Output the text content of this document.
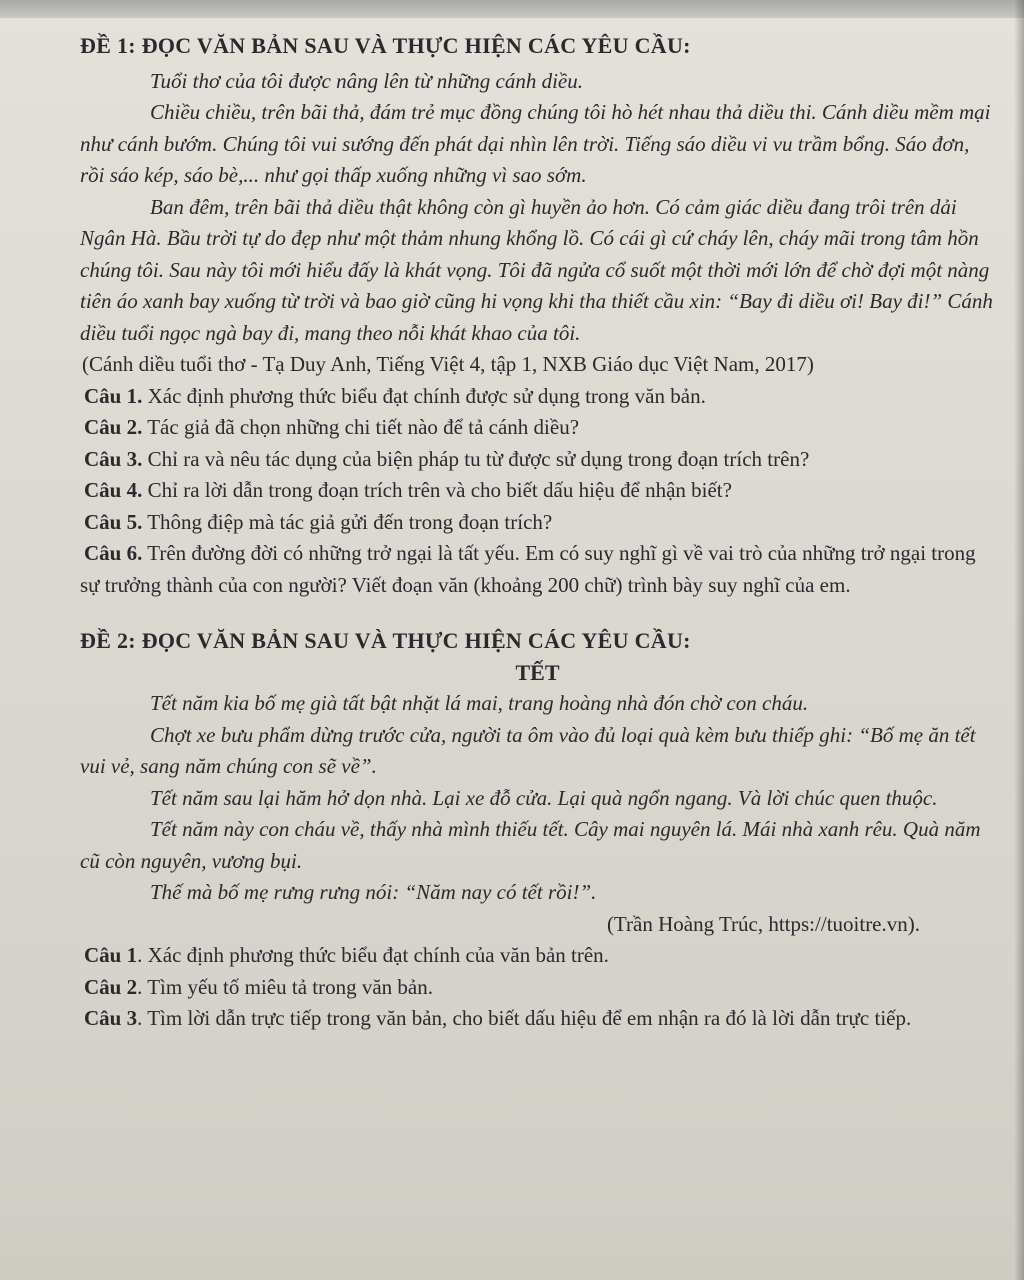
ĐỀ 1: ĐỌC VĂN BẢN SAU VÀ THỰC HIỆN CÁC YÊU CẦU:

Tuổi thơ của tôi được nâng lên từ những cánh diều.

Chiều chiều, trên bãi thả, đám trẻ mục đồng chúng tôi hò hét nhau thả diều thi. Cánh diều mềm mại như cánh bướm. Chúng tôi vui sướng đến phát dại nhìn lên trời. Tiếng sáo diều vi vu trầm bổng. Sáo đơn, rồi sáo kép, sáo bè,... như gọi thấp xuống những vì sao sớm.

Ban đêm, trên bãi thả diều thật không còn gì huyền ảo hơn. Có cảm giác diều đang trôi trên dải Ngân Hà. Bầu trời tự do đẹp như một thảm nhung khổng lồ. Có cái gì cứ cháy lên, cháy mãi trong tâm hồn chúng tôi. Sau này tôi mới hiểu đấy là khát vọng. Tôi đã ngửa cổ suốt một thời mới lớn để chờ đợi một nàng tiên áo xanh bay xuống từ trời và bao giờ cũng hi vọng khi tha thiết cầu xin: “Bay đi diều ơi! Bay đi!” Cánh diều tuổi ngọc ngà bay đi, mang theo nỗi khát khao của tôi.

(Cánh diều tuổi thơ - Tạ Duy Anh, Tiếng Việt 4, tập 1, NXB Giáo dục Việt Nam, 2017)

Câu 1. Xác định phương thức biểu đạt chính được sử dụng trong văn bản.

Câu 2. Tác giả đã chọn những chi tiết nào để tả cánh diều?

Câu 3. Chỉ ra và nêu tác dụng của biện pháp tu từ được sử dụng trong đoạn trích trên?

Câu 4. Chỉ ra lời dẫn trong đoạn trích trên và cho biết dấu hiệu để nhận biết?

Câu 5. Thông điệp mà tác giả gửi đến trong đoạn trích?

Câu 6. Trên đường đời có những trở ngại là tất yếu. Em có suy nghĩ gì về vai trò của những trở ngại trong sự trưởng thành của con người? Viết đoạn văn (khoảng 200 chữ) trình bày suy nghĩ của em.

ĐỀ 2: ĐỌC VĂN BẢN SAU VÀ THỰC HIỆN CÁC YÊU CẦU:

TẾT

Tết năm kia bố mẹ già tất bật nhặt lá mai, trang hoàng nhà đón chờ con cháu.

Chợt xe bưu phẩm dừng trước cửa, người ta ôm vào đủ loại quà kèm bưu thiếp ghi: “Bố mẹ ăn tết vui vẻ, sang năm chúng con sẽ về”.

Tết năm sau lại hăm hở dọn nhà. Lại xe đỗ cửa. Lại quà ngổn ngang. Và lời chúc quen thuộc.

Tết năm này con cháu về, thấy nhà mình thiếu tết. Cây mai nguyên lá. Mái nhà xanh rêu. Quà năm cũ còn nguyên, vương bụi.

Thế mà bố mẹ rưng rưng nói: “Năm nay có tết rồi!”.

(Trần Hoàng Trúc, https://tuoitre.vn).

Câu 1. Xác định phương thức biểu đạt chính của văn bản trên.

Câu 2. Tìm yếu tố miêu tả trong văn bản.

Câu 3. Tìm lời dẫn trực tiếp trong văn bản, cho biết dấu hiệu để em nhận ra đó là lời dẫn trực tiếp.
